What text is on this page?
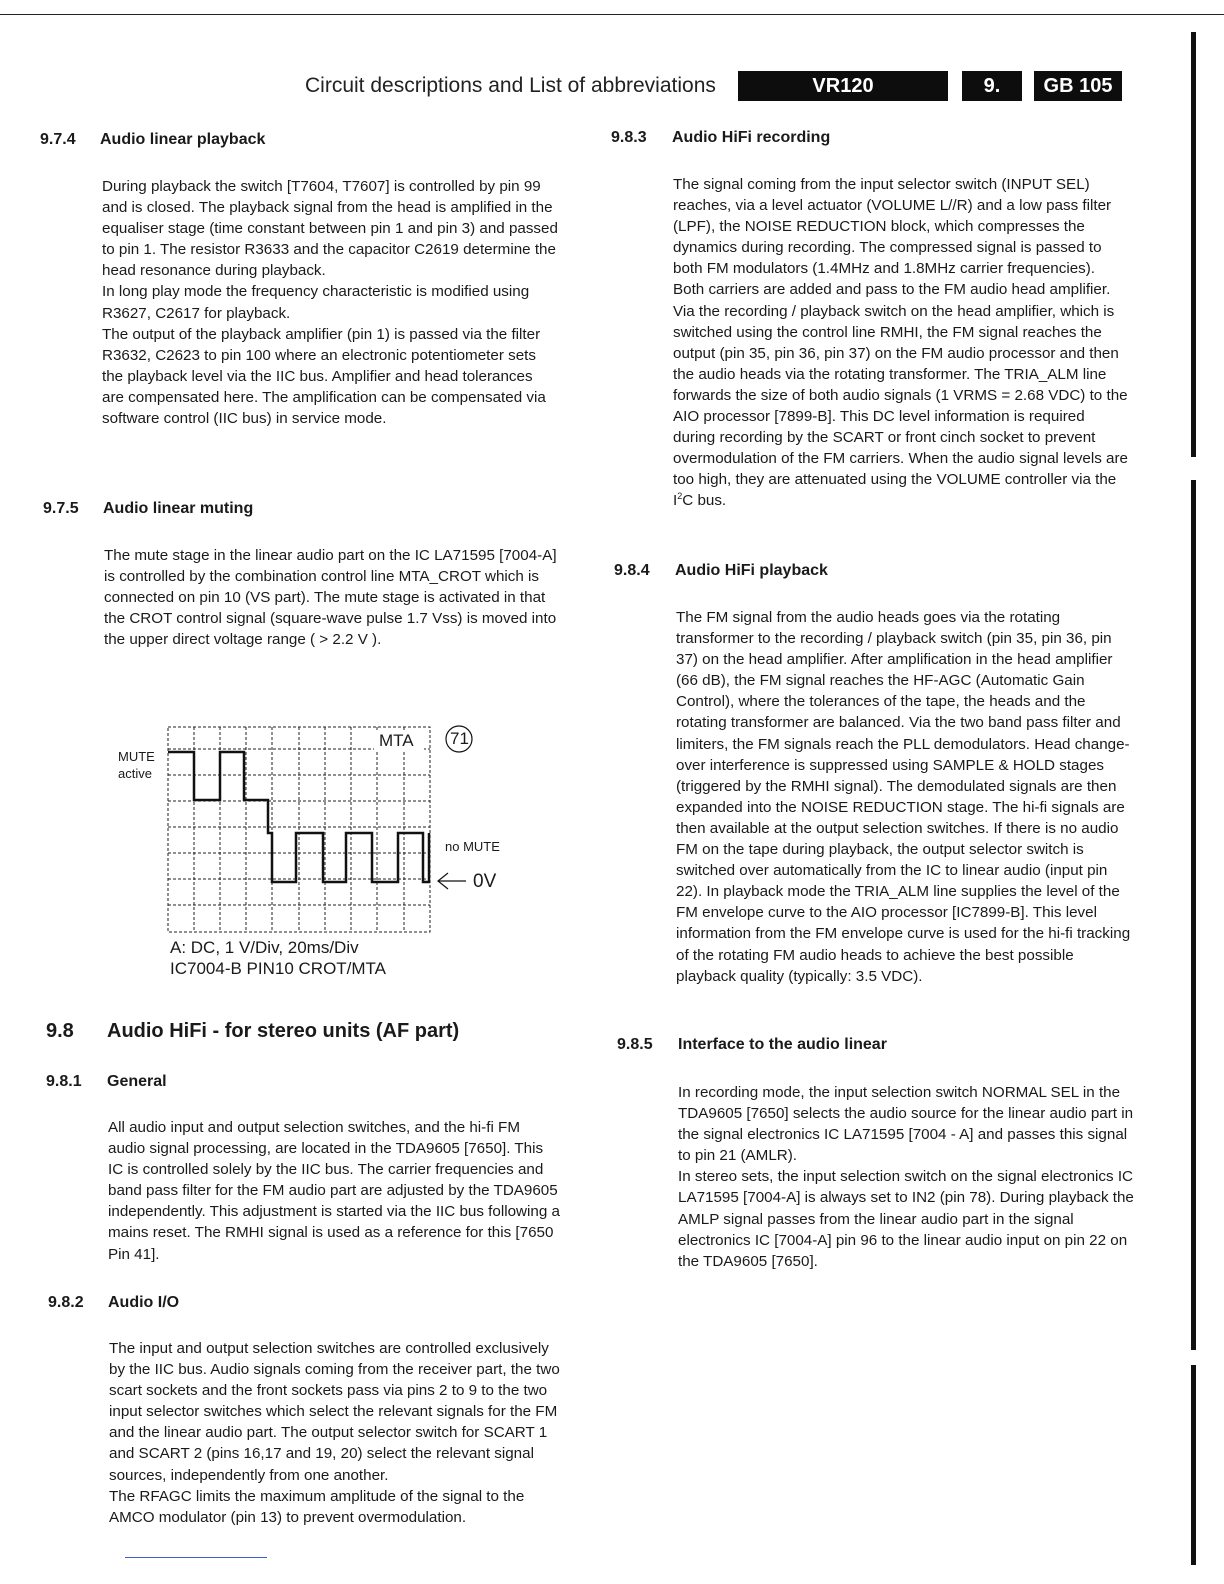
Circuit descriptions and List of abbreviations	VR120	9.	GB 105
9.7.4 Audio linear playback

During playback the switch [T7604, T7607] is controlled by pin 99 and is closed. The playback signal from the head is amplified in the equaliser stage (time constant between pin 1 and pin 3) and passed to pin 1. The resistor R3633 and the capacitor C2619 determine the head resonance during playback.
In long play mode the frequency characteristic is modified using R3627, C2617 for playback.
The output of the playback amplifier (pin 1) is passed via the filter R3632, C2623 to pin 100 where an electronic potentiometer sets the playback level via the IIC bus. Amplifier and head tolerances are compensated here. The amplification can be compensated via software control (IIC bus) in service mode.

9.7.5 Audio linear muting

The mute stage in the linear audio part on the IC LA71595 [7004-A] is controlled by the combination control line MTA_CROT which is connected on pin 10 (VS part). The mute stage is activated in that the CROT control signal (square-wave pulse 1.7 Vss) is moved into the upper direct voltage range ( > 2.2 V ).

MUTE
active
MTA 71
no MUTE
0V
A: DC, 1 V/Div, 20ms/Div
IC7004-B PIN10 CROT/MTA
9.8 Audio HiFi - for stereo units (AF part)
9.8.1 General

All audio input and output selection switches, and the hi-fi FM audio signal processing, are located in the TDA9605 [7650]. This IC is controlled solely by the IIC bus. The carrier frequencies and band pass filter for the FM audio part are adjusted by the TDA9605 independently. This adjustment is started via the IIC bus following a mains reset. The RMHI signal is used as a reference for this [7650 Pin 41].

9.8.2 Audio I/O

The input and output selection switches are controlled exclusively by the IIC bus. Audio signals coming from the receiver part, the two scart sockets and the front sockets pass via pins 2 to 9 to the two input selector switches which select the relevant signals for the FM and the linear audio part. The output selector switch for SCART 1 and SCART 2 (pins 16,17 and 19, 20) select the relevant signal sources, independently from one another.
The RFAGC limits the maximum amplitude of the signal to the AMCO modulator (pin 13) to prevent overmodulation.

9.8.3 Audio HiFi recording

The signal coming from the input selector switch (INPUT SEL) reaches, via a level actuator (VOLUME L//R) and a low pass filter (LPF), the NOISE REDUCTION block, which compresses the dynamics during recording. The compressed signal is passed to both FM modulators (1.4MHz and 1.8MHz carrier frequencies). Both carriers are added and pass to the FM audio head amplifier. Via the recording / playback switch on the head amplifier, which is switched using the control line RMHI, the FM signal reaches the output (pin 35, pin 36, pin 37) on the FM audio processor and then the audio heads via the rotating transformer. The TRIA_ALM line forwards the size of both audio signals (1 VRMS = 2.68 VDC) to the AIO processor [7899-B]. This DC level information is required during recording by the SCART or front cinch socket to prevent overmodulation of the FM carriers. When the audio signal levels are too high, they are attenuated using the VOLUME controller via the $I^2C$ bus.

9.8.4 Audio HiFi playback

The FM signal from the audio heads goes via the rotating transformer to the recording / playback switch (pin 35, pin 36, pin 37) on the head amplifier. After amplification in the head amplifier (66 dB), the FM signal reaches the HF-AGC (Automatic Gain Control), where the tolerances of the tape, the heads and the rotating transformer are balanced. Via the two band pass filter and limiters, the FM signals reach the PLL demodulators. Head change-over interference is suppressed using SAMPLE & HOLD stages (triggered by the RMHI signal). The demodulated signals are then expanded into the NOISE REDUCTION stage. The hi-fi signals are then available at the output selection switches. If there is no audio FM on the tape during playback, the output selector switch is switched over automatically from the IC to linear audio (input pin 22). In playback mode the TRIA_ALM line supplies the level of the FM envelope curve to the AIO processor [IC7899-B]. This level information from the FM envelope curve is used for the hi-fi tracking of the rotating FM audio heads to achieve the best possible playback quality (typically: 3.5 VDC).

9.8.5 Interface to the audio linear

In recording mode, the input selection switch NORMAL SEL in the TDA9605 [7650] selects the audio source for the linear audio part in the signal electronics IC LA71595 [7004 - A] and passes this signal to pin 21 (AMLR).
In stereo sets, the input selection switch on the signal electronics IC LA71595 [7004-A] is always set to IN2 (pin 78). During playback the AMLP signal passes from the linear audio part in the signal electronics IC [7004-A] pin 96 to the linear audio input on pin 22 on the TDA9605 [7650].
